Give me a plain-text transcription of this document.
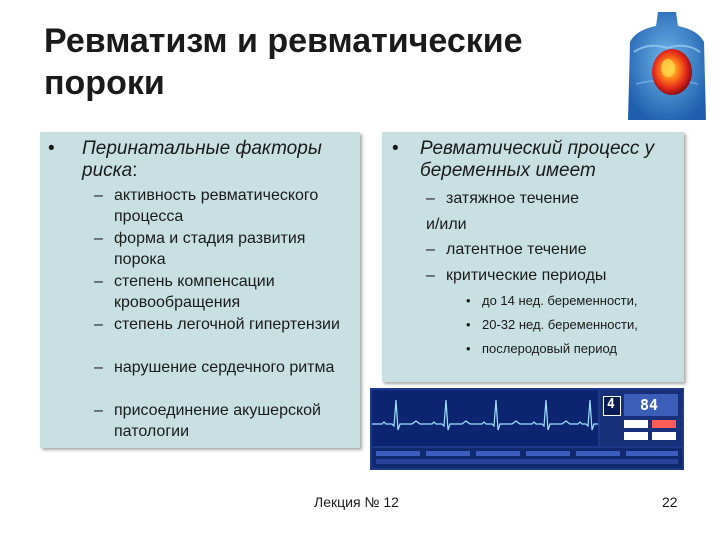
Ревматизм и ревматические пороки
• Перинатальные факторы риска:
– активность ревматического процесса
– форма и стадия развития порока
– степень компенсации кровообращения
– степень легочной гипертензии
– нарушение сердечного ритма
– присоединение акушерской патологии
• Ревматический процесс у беременных имеет
– затяжное течение
и/или
– латентное течение
– критические периоды
• до 14 нед. беременности,
• 20-32 нед. беременности,
• послеродовый период
4 84
Лекция № 12	22
